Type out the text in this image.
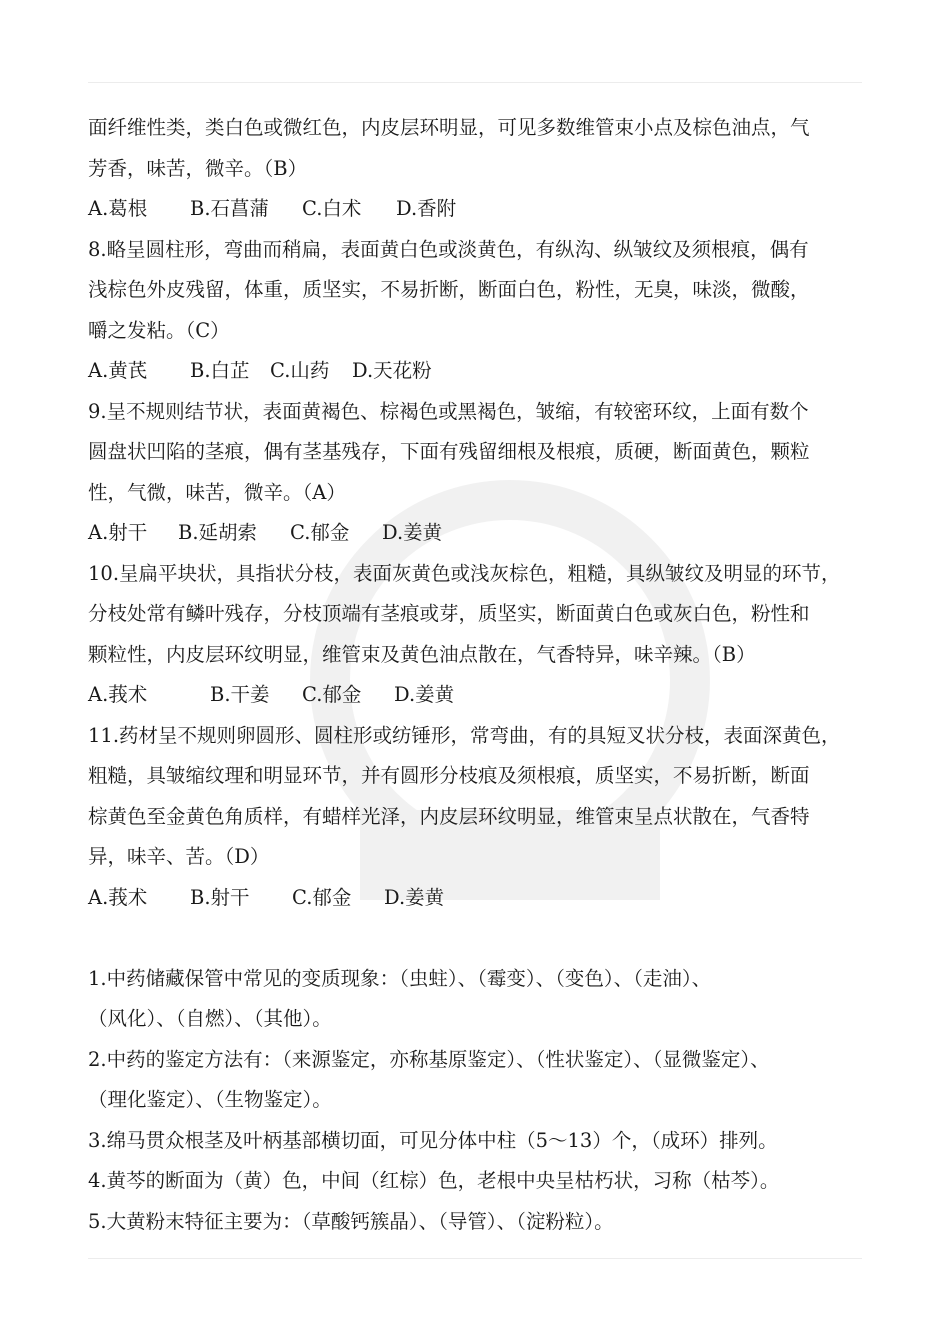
面纤维性类，类白色或微红色，内皮层环明显，可见多数维管束小点及棕色油点，气
芳香，味苦，微辛。（B）
A.葛根 B.石菖蒲 C.白术 D.香附
8.略呈圆柱形，弯曲而稍扁，表面黄白色或淡黄色，有纵沟、纵皱纹及须根痕，偶有
浅棕色外皮残留，体重，质坚实，不易折断，断面白色，粉性，无臭，味淡，微酸，
嚼之发粘。（C）
A.黄芪 B.白芷 C.山药 D.天花粉
9.呈不规则结节状，表面黄褐色、棕褐色或黑褐色，皱缩，有较密环纹，上面有数个
圆盘状凹陷的茎痕，偶有茎基残存，下面有残留细根及根痕，质硬，断面黄色，颗粒
性，气微，味苦，微辛。（A）
A.射干 B.延胡索 C.郁金 D.姜黄
10.呈扁平块状，具指状分枝，表面灰黄色或浅灰棕色，粗糙，具纵皱纹及明显的环节，
分枝处常有鳞叶残存，分枝顶端有茎痕或芽，质坚实，断面黄白色或灰白色，粉性和
颗粒性，内皮层环纹明显，维管束及黄色油点散在，气香特异，味辛辣。（B）
A.莪术	B.干姜 C.郁金 D.姜黄
11.药材呈不规则卵圆形、圆柱形或纺锤形，常弯曲，有的具短叉状分枝，表面深黄色，
粗糙，具皱缩纹理和明显环节，并有圆形分枝痕及须根痕，质坚实，不易折断，断面
棕黄色至金黄色角质样，有蜡样光泽，内皮层环纹明显，维管束呈点状散在，气香特
异，味辛、苦。（D）
A.莪术 B.射干 C.郁金 D.姜黄
1.中药储藏保管中常见的变质现象：（虫蛀）、（霉变）、（变色）、（走油）、
（风化）、（自燃）、（其他）。
2.中药的鉴定方法有：（来源鉴定，亦称基原鉴定）、（性状鉴定）、（显微鉴定）、
（理化鉴定）、（生物鉴定）。
3.绵马贯众根茎及叶柄基部横切面，可见分体中柱（5～13）个，（成环）排列。
4.黄芩的断面为（黄）色，中间（红棕）色，老根中央呈枯朽状，习称（枯芩）。
5.大黄粉末特征主要为：（草酸钙簇晶）、（导管）、（淀粉粒）。
